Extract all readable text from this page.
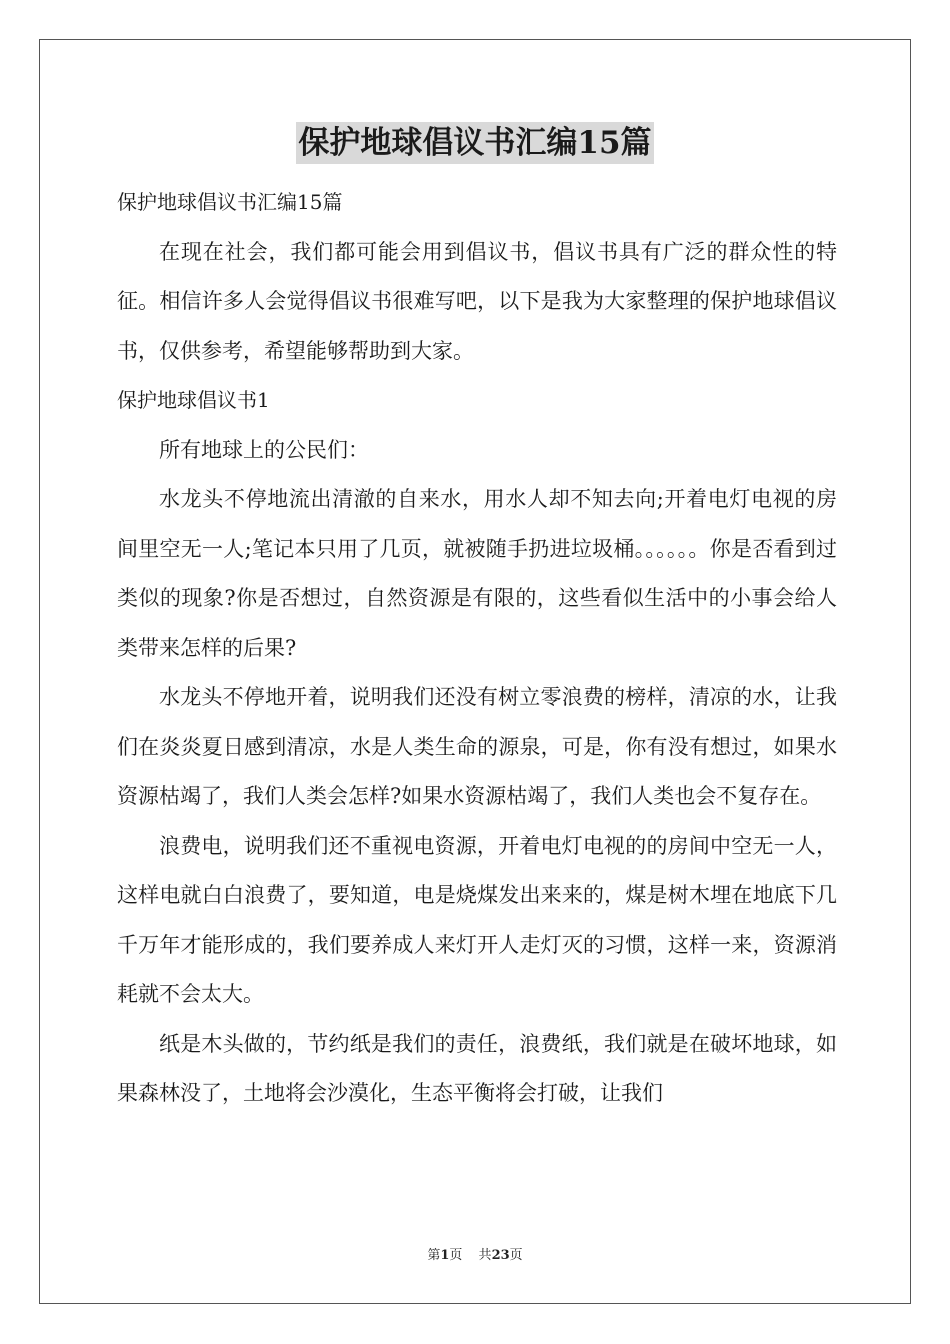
保护地球倡议书汇编15篇

保护地球倡议书汇编15篇

在现在社会，我们都可能会用到倡议书，倡议书具有广泛的群众性的特征。相信许多人会觉得倡议书很难写吧，以下是我为大家整理的保护地球倡议书，仅供参考，希望能够帮助到大家。

保护地球倡议书1

所有地球上的公民们：

水龙头不停地流出清澈的自来水，用水人却不知去向;开着电灯电视的房间里空无一人;笔记本只用了几页，就被随手扔进垃圾桶。。。。。。你是否看到过类似的现象?你是否想过，自然资源是有限的，这些看似生活中的小事会给人类带来怎样的后果?

水龙头不停地开着，说明我们还没有树立零浪费的榜样，清凉的水，让我们在炎炎夏日感到清凉，水是人类生命的源泉，可是，你有没有想过，如果水资源枯竭了，我们人类会怎样?如果水资源枯竭了，我们人类也会不复存在。

浪费电，说明我们还不重视电资源，开着电灯电视的的房间中空无一人，这样电就白白浪费了，要知道，电是烧煤发出来来的，煤是树木埋在地底下几千万年才能形成的，我们要养成人来灯开人走灯灭的习惯，这样一来，资源消耗就不会太大。

纸是木头做的，节约纸是我们的责任，浪费纸，我们就是在破坏地球，如果森林没了，土地将会沙漠化，生态平衡将会打破，让我们

第1页 共23页
